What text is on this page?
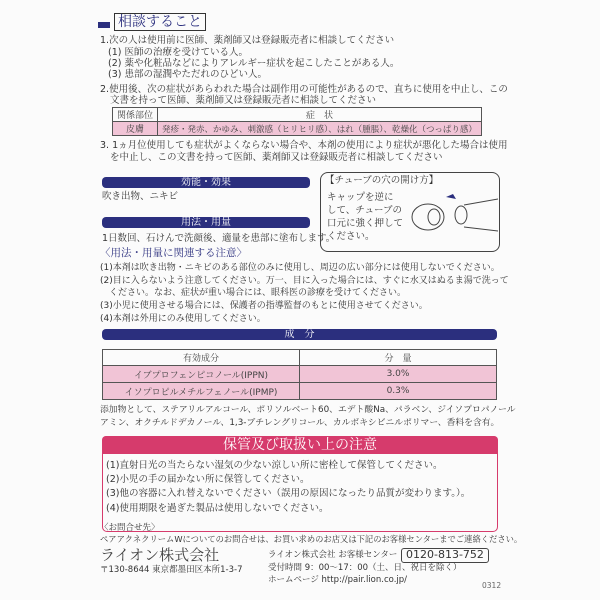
相談すること
1.次の人は使用前に医師、薬剤師又は登録販売者に相談してください
(1) 医師の治療を受けている人。
(2) 薬や化粧品などによりアレルギー症状を起こしたことがある人。
(3) 患部の湿潤やただれのひどい人。
2.使用後、次の症状があらわれた場合は副作用の可能性があるので、直ちに使用を中止し、この
文書を持って医師、薬剤師又は登録販売者に相談してください
関係部位	症　状
皮膚	発疹・発赤、かゆみ、刺激感（ヒリヒリ感）、はれ（腫脹）、乾燥化（つっぱり感）
3. 1ヵ月位使用しても症状がよくならない場合や、本剤の使用により症状が悪化した場合は使用
を中止し、この文書を持って医師、薬剤師又は登録販売者に相談してください
効能・効果
吹き出物、ニキビ
用法・用量
1日数回、石けんで洗顔後、適量を患部に塗布します。
〈用法・用量に関連する注意〉
(1)本剤は吹き出物・ニキビのある部位のみに使用し、周辺の広い部分には使用しないでください。
(2)目に入らないよう注意してください。万一、目に入った場合には、すぐに水又はぬるま湯で洗って
　ください。なお、症状が重い場合には、眼科医の診療を受けてください。
(3)小児に使用させる場合には、保護者の指導監督のもとに使用させてください。
(4)本剤は外用にのみ使用してください。
【チューブの穴の開け方】
キャップを逆に
して、チューブの
口元に強く押して
ください。
成　分
有効成分	分　量
イブプロフェンピコノール(IPPN)	3.0%
イソプロピルメチルフェノール(IPMP)	0.3%
添加物として、ステアリルアルコール、ポリソルベート60、エデト酸Na、パラベン、ジイソプロパノール
アミン、オクチルドデカノール、1,3-ブチレングリコール、カルボキシビニルポリマー、香料を含有。
保管及び取扱い上の注意
(1)直射日光の当たらない湿気の少ない涼しい所に密栓して保管してください。
(2)小児の手の届かない所に保管してください。
(3)他の容器に入れ替えないでください（誤用の原因になったり品質が変わります。）。
(4)使用期限を過ぎた製品は使用しないでください。
〈お問合せ先〉
ペアアクネクリームWについてのお問合せは、お買い求めのお店又は下記のお客様センターまでご連絡ください。
ライオン株式会社
〒130-8644 東京都墨田区本所1-3-7
ライオン株式会社 お客様センター 0120-813-752
受付時間 9：00～17：00（土、日、祝日を除く）
ホームページ http://pair.lion.co.jp/
0312
